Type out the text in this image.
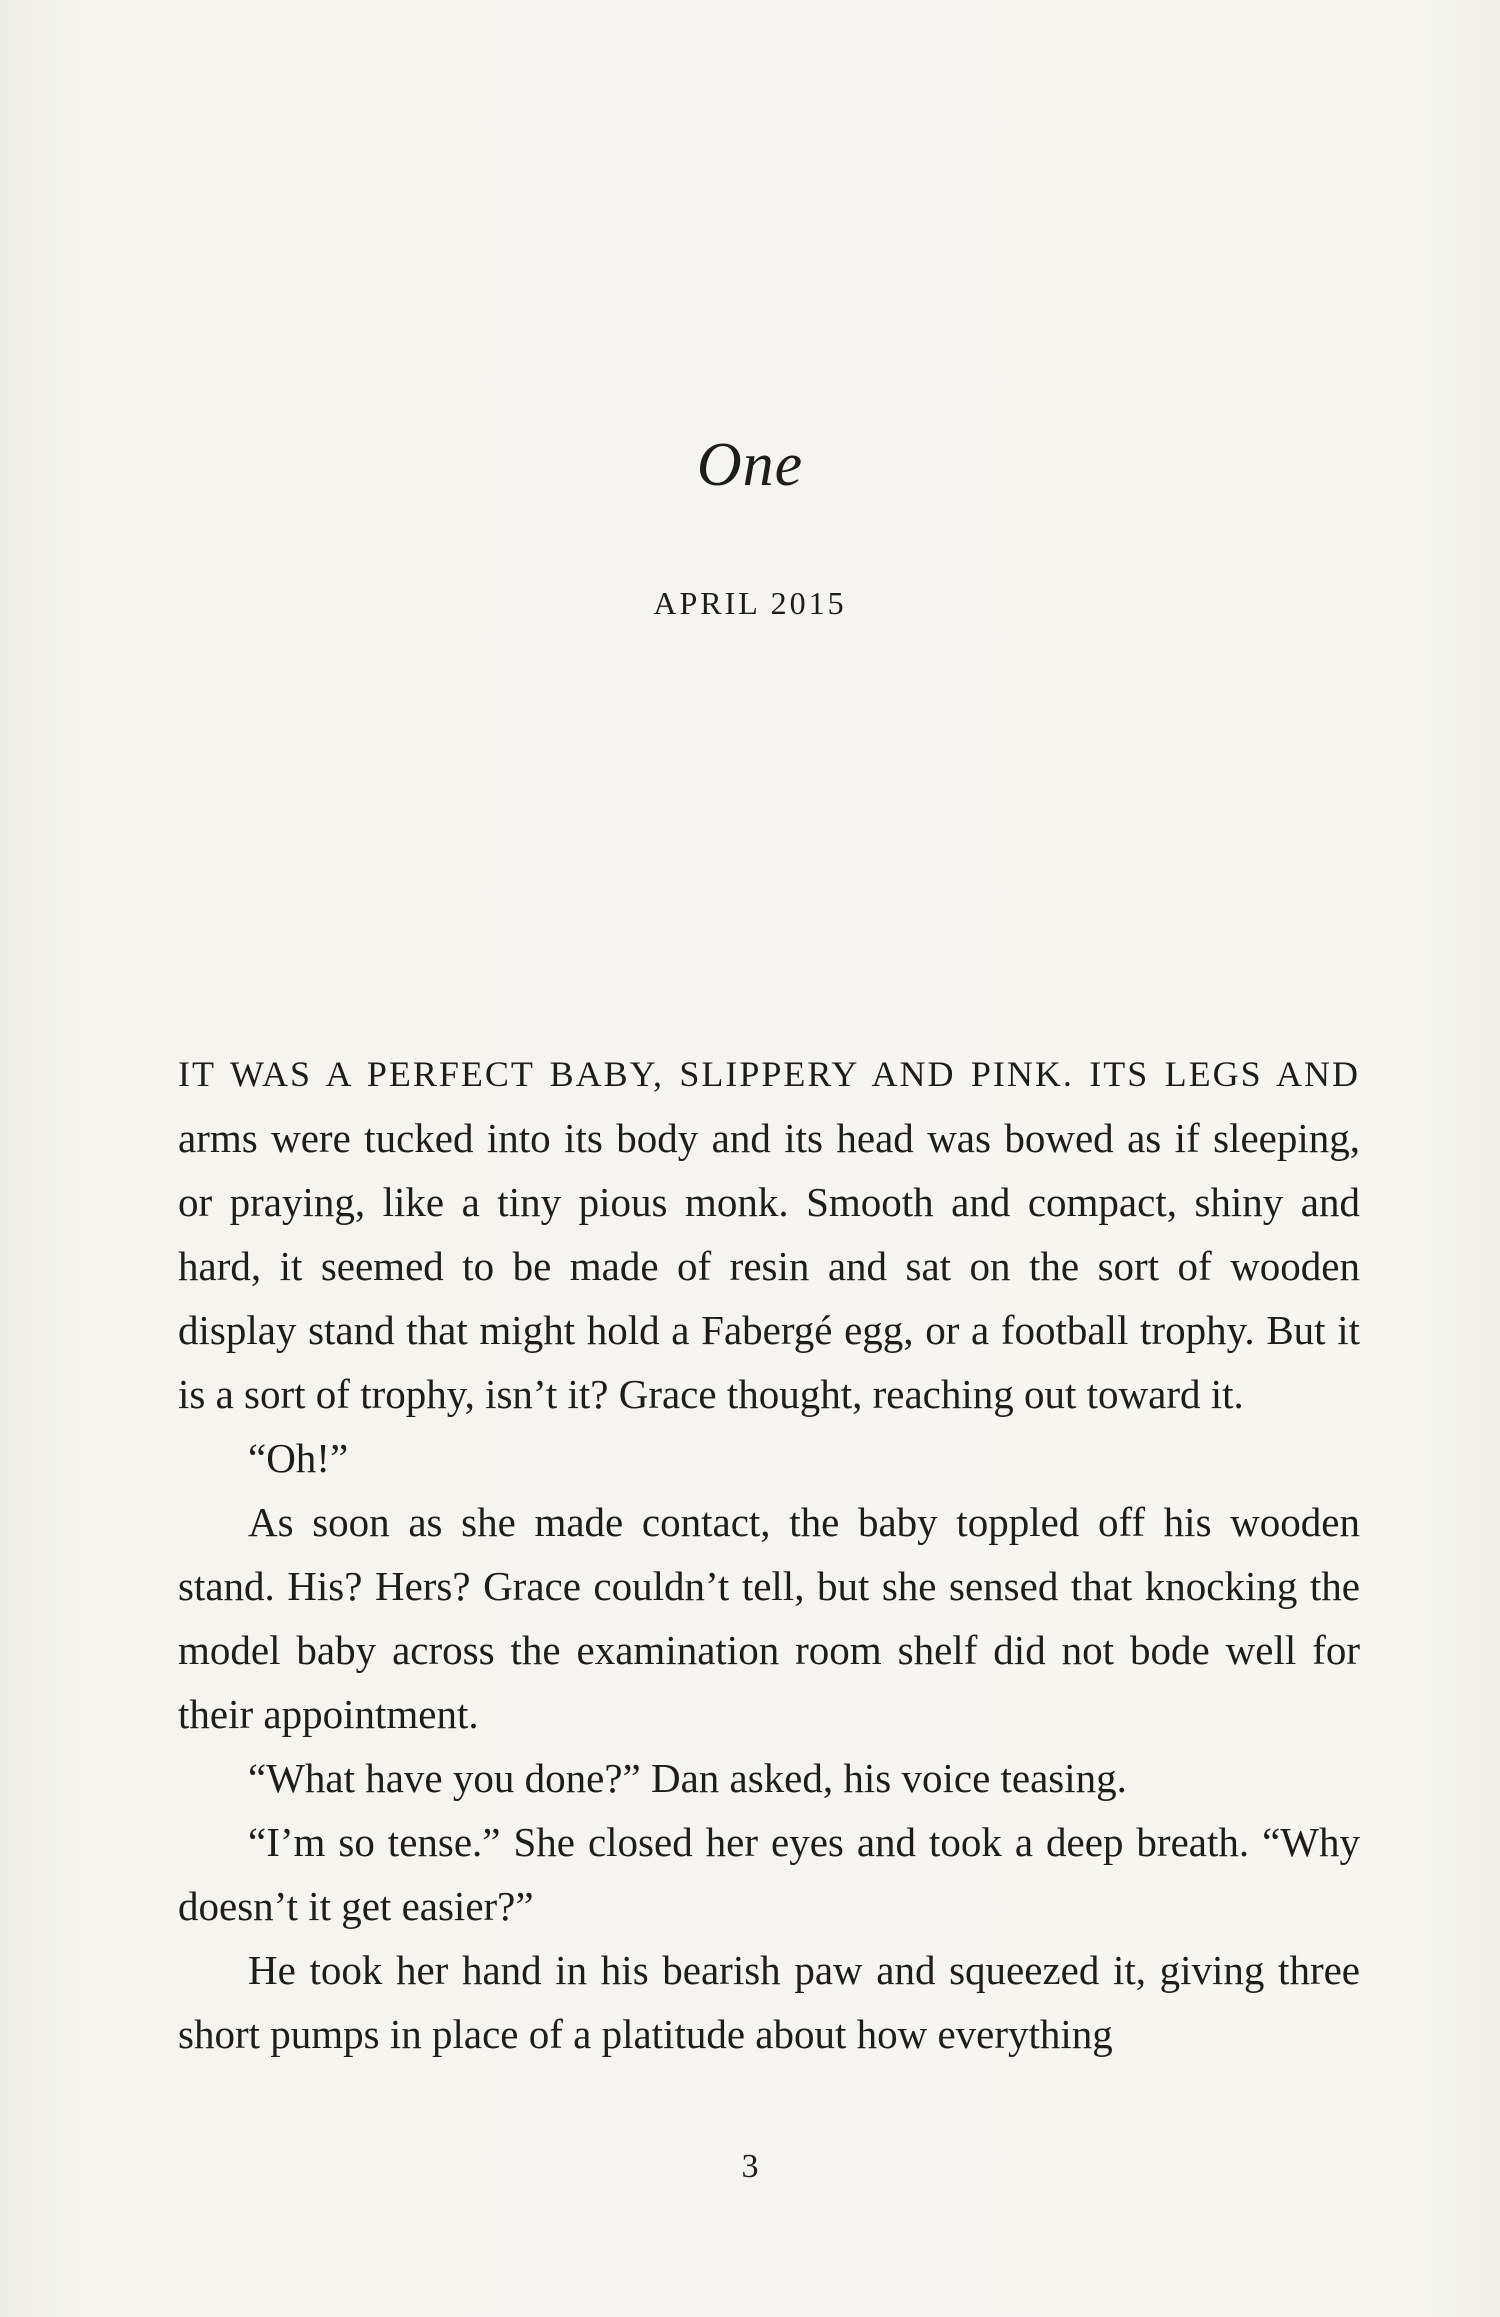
One
APRIL 2015

IT WAS A PERFECT BABY, SLIPPERY AND PINK. ITS LEGS AND arms were tucked into its body and its head was bowed as if sleeping, or praying, like a tiny pious monk. Smooth and compact, shiny and hard, it seemed to be made of resin and sat on the sort of wooden display stand that might hold a Fabergé egg, or a football trophy. But it is a sort of trophy, isn’t it? Grace thought, reaching out toward it.

“Oh!”

As soon as she made contact, the baby toppled off his wooden stand. His? Hers? Grace couldn’t tell, but she sensed that knocking the model baby across the examination room shelf did not bode well for their appointment.

“What have you done?” Dan asked, his voice teasing.

“I’m so tense.” She closed her eyes and took a deep breath. “Why doesn’t it get easier?”

He took her hand in his bearish paw and squeezed it, giving three short pumps in place of a platitude about how everything

3
